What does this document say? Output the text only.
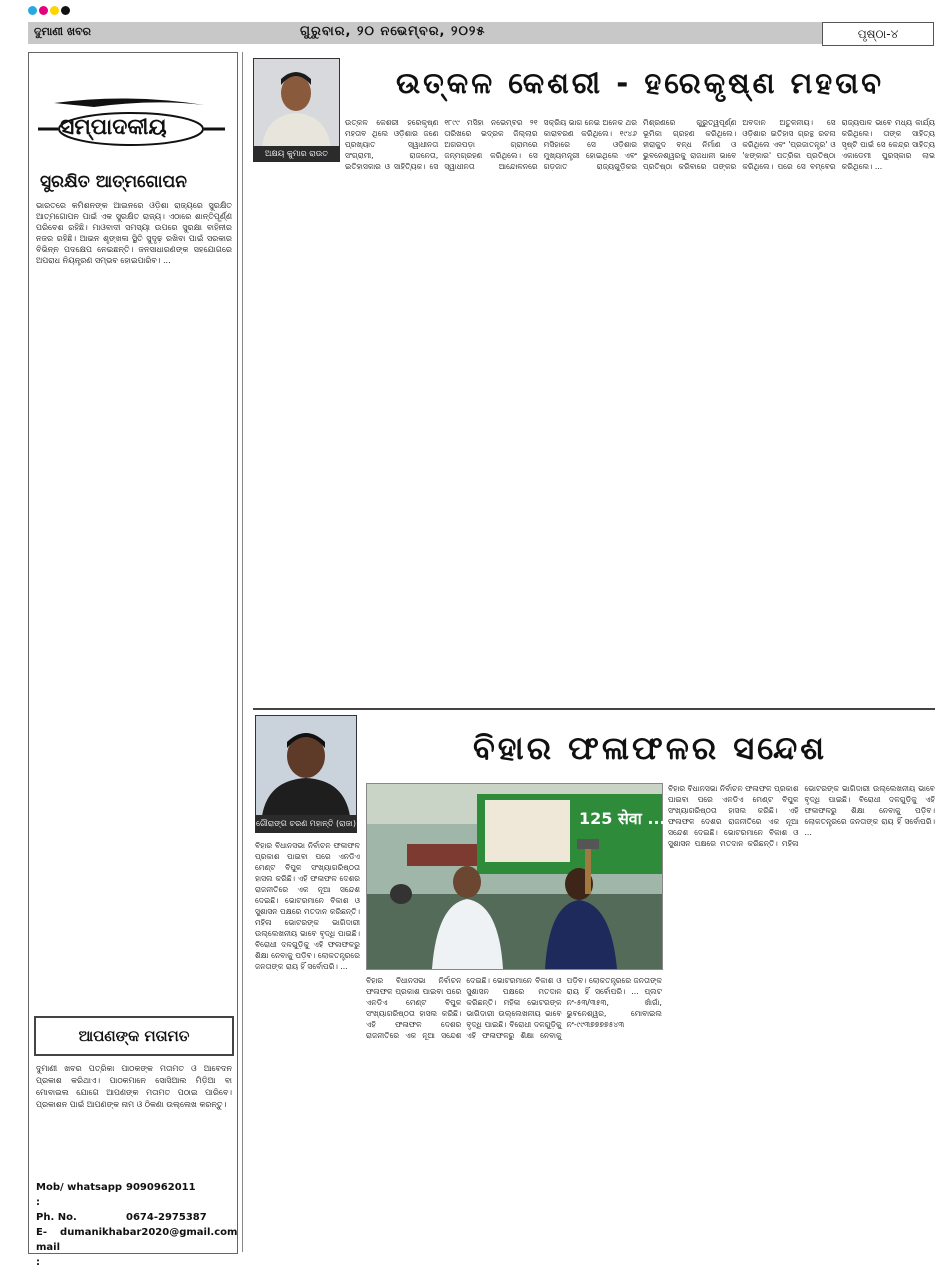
ଦୁମାଣୀ ଖବର	ଗୁରୁବାର, ୨୦ ନଭେମ୍ବର, ୨୦୨୫	ପୃଷ୍ଠା-୪
ସମ୍ପାଦକୀୟ
ସୁରକ୍ଷିତ ଆତ୍ମଗୋପନ
ଭାରତରେ କମିଶନଙ୍କ ଆଇନରେ ଓଡ଼ିଶା ରାଜ୍ୟରେ ସୁରକ୍ଷିତ ଆତ୍ମଗୋପନ ପାଇଁ ଏକ ସୁରକ୍ଷିତ ରାଜ୍ୟ। ଏଠାରେ ଶାନ୍ତିପୂର୍ଣ୍ଣ ପରିବେଶ ରହିଛି। ମାଓବାଦୀ ସମସ୍ୟା ଉପରେ ସୁରକ୍ଷା ବାହିନୀର ନଜର ରହିଛି। ଆଇନ ଶୃଙ୍ଖଳା ସ୍ଥିତି ସୁଦୃଢ଼ ରଖିବା ପାଇଁ ସରକାର ବିଭିନ୍ନ ପଦକ୍ଷେପ ନେଇଛନ୍ତି। ଜନସାଧାରଣଙ୍କ ସହଯୋଗରେ ଅପରାଧ ନିୟନ୍ତ୍ରଣ ସମ୍ଭବ ହୋଇପାରିବ। ...
ଆପଣଙ୍କ ମତାମତ
ଦୁମାଣୀ ଖବର ପତ୍ରିକା ପାଠକଙ୍କ ମତାମତ ଓ ଆବେଦନ ପ୍ରକାଶ କରିଥାଏ। ପାଠକମାନେ ସୋସିଆଲ ମିଡ଼ିଆ ବା ମୋବାଇଲ ଯୋଗେ ଆପଣଙ୍କ ମତାମତ ପଠାଇ ପାରିବେ। ପ୍ରକାଶନ ପାଇଁ ଆପଣଙ୍କ ନାମ ଓ ଠିକଣା ଉଲ୍ଲେଖ କରନ୍ତୁ।
Mob/ whatsapp :
9090962011
Ph. No.	0674-2975387
E-mail :
dumanikhabar2020@gmail.com
ଅକ୍ଷୟ କୁମାର ରାଉତ
ଉତ୍କଳ କେଶରୀ - ହରେକୃଷ୍ଣ ମହତାବ

ଉତ୍କଳ କେଶରୀ ହରେକୃଷ୍ଣ ମହତାବ ଥିଲେ ଓଡ଼ିଶାର ଜଣେ ପ୍ରଖ୍ୟାତ ସ୍ୱାଧୀନତା ସଂଗ୍ରାମୀ, ରାଜନେତା, ଇତିହାସକାର ଓ ସାହିତ୍ୟିକ। ସେ ୧୮୯୯ ମସିହା ନଭେମ୍ବର ୨୧ ତାରିଖରେ ଭଦ୍ରକ ଜିଲ୍ଲାର ଅଗରପଡ଼ା ଗ୍ରାମରେ ଜନ୍ମଗ୍ରହଣ କରିଥିଲେ। ସେ ସ୍ୱାଧୀନତା ଆନ୍ଦୋଳନରେ ସକ୍ରିୟ ଭାଗ ନେଇ ଅନେକ ଥର କାରାବରଣ କରିଥିଲେ। ୧୯୪୬ ମସିହାରେ ସେ ଓଡ଼ିଶାର ମୁଖ୍ୟମନ୍ତ୍ରୀ ହୋଇଥିଲେ ଏବଂ ଗଡ଼ଜାତ ରାଜ୍ୟଗୁଡ଼ିକର ମିଶ୍ରଣରେ ଗୁରୁତ୍ୱପୂର୍ଣ୍ଣ ଭୂମିକା ଗ୍ରହଣ କରିଥିଲେ। ହୀରାକୁଦ ବନ୍ଧ ନିର୍ମାଣ ଓ ଭୁବନେଶ୍ୱରକୁ ରାଜଧାନୀ ଭାବେ ପ୍ରତିଷ୍ଠା କରିବାରେ ତାଙ୍କର ଅବଦାନ ଅତୁଳନୀୟ। ସେ ଓଡ଼ିଶାର ଇତିହାସ ଗ୍ରନ୍ଥ ରଚନା କରିଥିଲେ ଏବଂ 'ପ୍ରଜାତନ୍ତ୍ର' ଓ 'ଝଙ୍କାର' ପତ୍ରିକା ପ୍ରତିଷ୍ଠା କରିଥିଲେ। ପରେ ସେ ବମ୍ବେର ରାଜ୍ୟପାଳ ଭାବେ ମଧ୍ୟ କାର୍ଯ୍ୟ କରିଥିଲେ। ତାଙ୍କ ସାହିତ୍ୟ ସୃଷ୍ଟି ପାଇଁ ସେ କେନ୍ଦ୍ର ସାହିତ୍ୟ ଏକାଡେମୀ ପୁରସ୍କାର ଲାଭ କରିଥିଲେ। ...

ଗୌରାଙ୍ଗ ଚରଣ ମହାନ୍ତି (ରାଜା)
ବିହାର ଫଳାଫଳର ସନ୍ଦେଶ
ବିହାର ବିଧାନସଭା ନିର୍ବାଚନ ଫଳାଫଳ ପ୍ରକାଶ ପାଇବା ପରେ ଏନଡିଏ ମେଣ୍ଟ ବିପୁଳ ସଂଖ୍ୟାଗରିଷ୍ଠତା ହାସଲ କରିଛି। ଏହି ଫଳାଫଳ ଦେଶର ରାଜନୀତିରେ ଏକ ନୂଆ ସନ୍ଦେଶ ଦେଇଛି। ଭୋଟରମାନେ ବିକାଶ ଓ ସୁଶାସନ ପକ୍ଷରେ ମତଦାନ କରିଛନ୍ତି। ମହିଳା ଭୋଟରଙ୍କ ଭାଗିଦାରୀ ଉଲ୍ଲେଖନୀୟ ଭାବେ ବୃଦ୍ଧି ପାଇଛି। ବିରୋଧୀ ଦଳଗୁଡ଼ିକୁ ଏହି ଫଳାଫଳରୁ ଶିକ୍ଷା ନେବାକୁ ପଡ଼ିବ। ଲୋକତନ୍ତ୍ରରେ ଜନତାଙ୍କ ରାୟ ହିଁ ସର୍ବୋପରି। ...
125 सेवा ....
ବିହାର ବିଧାନସଭା ନିର୍ବାଚନ ଫଳାଫଳ ପ୍ରକାଶ ପାଇବା ପରେ ଏନଡିଏ ମେଣ୍ଟ ବିପୁଳ ସଂଖ୍ୟାଗରିଷ୍ଠତା ହାସଲ କରିଛି। ଏହି ଫଳାଫଳ ଦେଶର ରାଜନୀତିରେ ଏକ ନୂଆ ସନ୍ଦେଶ ଦେଇଛି। ଭୋଟରମାନେ ବିକାଶ ଓ ସୁଶାସନ ପକ୍ଷରେ ମତଦାନ କରିଛନ୍ତି। ମହିଳା ଭୋଟରଙ୍କ ଭାଗିଦାରୀ ଉଲ୍ଲେଖନୀୟ ଭାବେ ବୃଦ୍ଧି ପାଇଛି। ବିରୋଧୀ ଦଳଗୁଡ଼ିକୁ ଏହି ଫଳାଫଳରୁ ଶିକ୍ଷା ନେବାକୁ ପଡ଼ିବ। ଲୋକତନ୍ତ୍ରରେ ଜନତାଙ୍କ ରାୟ ହିଁ ସର୍ବୋପରି। ...
ବିହାର ବିଧାନସଭା ନିର୍ବାଚନ ଫଳାଫଳ ପ୍ରକାଶ ପାଇବା ପରେ ଏନଡିଏ ମେଣ୍ଟ ବିପୁଳ ସଂଖ୍ୟାଗରିଷ୍ଠତା ହାସଲ କରିଛି। ଏହି ଫଳାଫଳ ଦେଶର ରାଜନୀତିରେ ଏକ ନୂଆ ସନ୍ଦେଶ ଦେଇଛି। ଭୋଟରମାନେ ବିକାଶ ଓ ସୁଶାସନ ପକ୍ଷରେ ମତଦାନ କରିଛନ୍ତି। ମହିଳା ଭୋଟରଙ୍କ ଭାଗିଦାରୀ ଉଲ୍ଲେଖନୀୟ ଭାବେ ବୃଦ୍ଧି ପାଇଛି। ବିରୋଧୀ ଦଳଗୁଡ଼ିକୁ ଏହି ଫଳାଫଳରୁ ଶିକ୍ଷା ନେବାକୁ ପଡ଼ିବ। ଲୋକତନ୍ତ୍ରରେ ଜନତାଙ୍କ ରାୟ ହିଁ ସର୍ବୋପରି। ... ପ୍ଲଟ ନଂ-୫୩/୩୫୩, ଖାଁଗାଁ, ଭୁବନେଶ୍ୱର, ମୋବାଇଲ ନଂ-୯୯୩୭୭୭୭୫୪୩
